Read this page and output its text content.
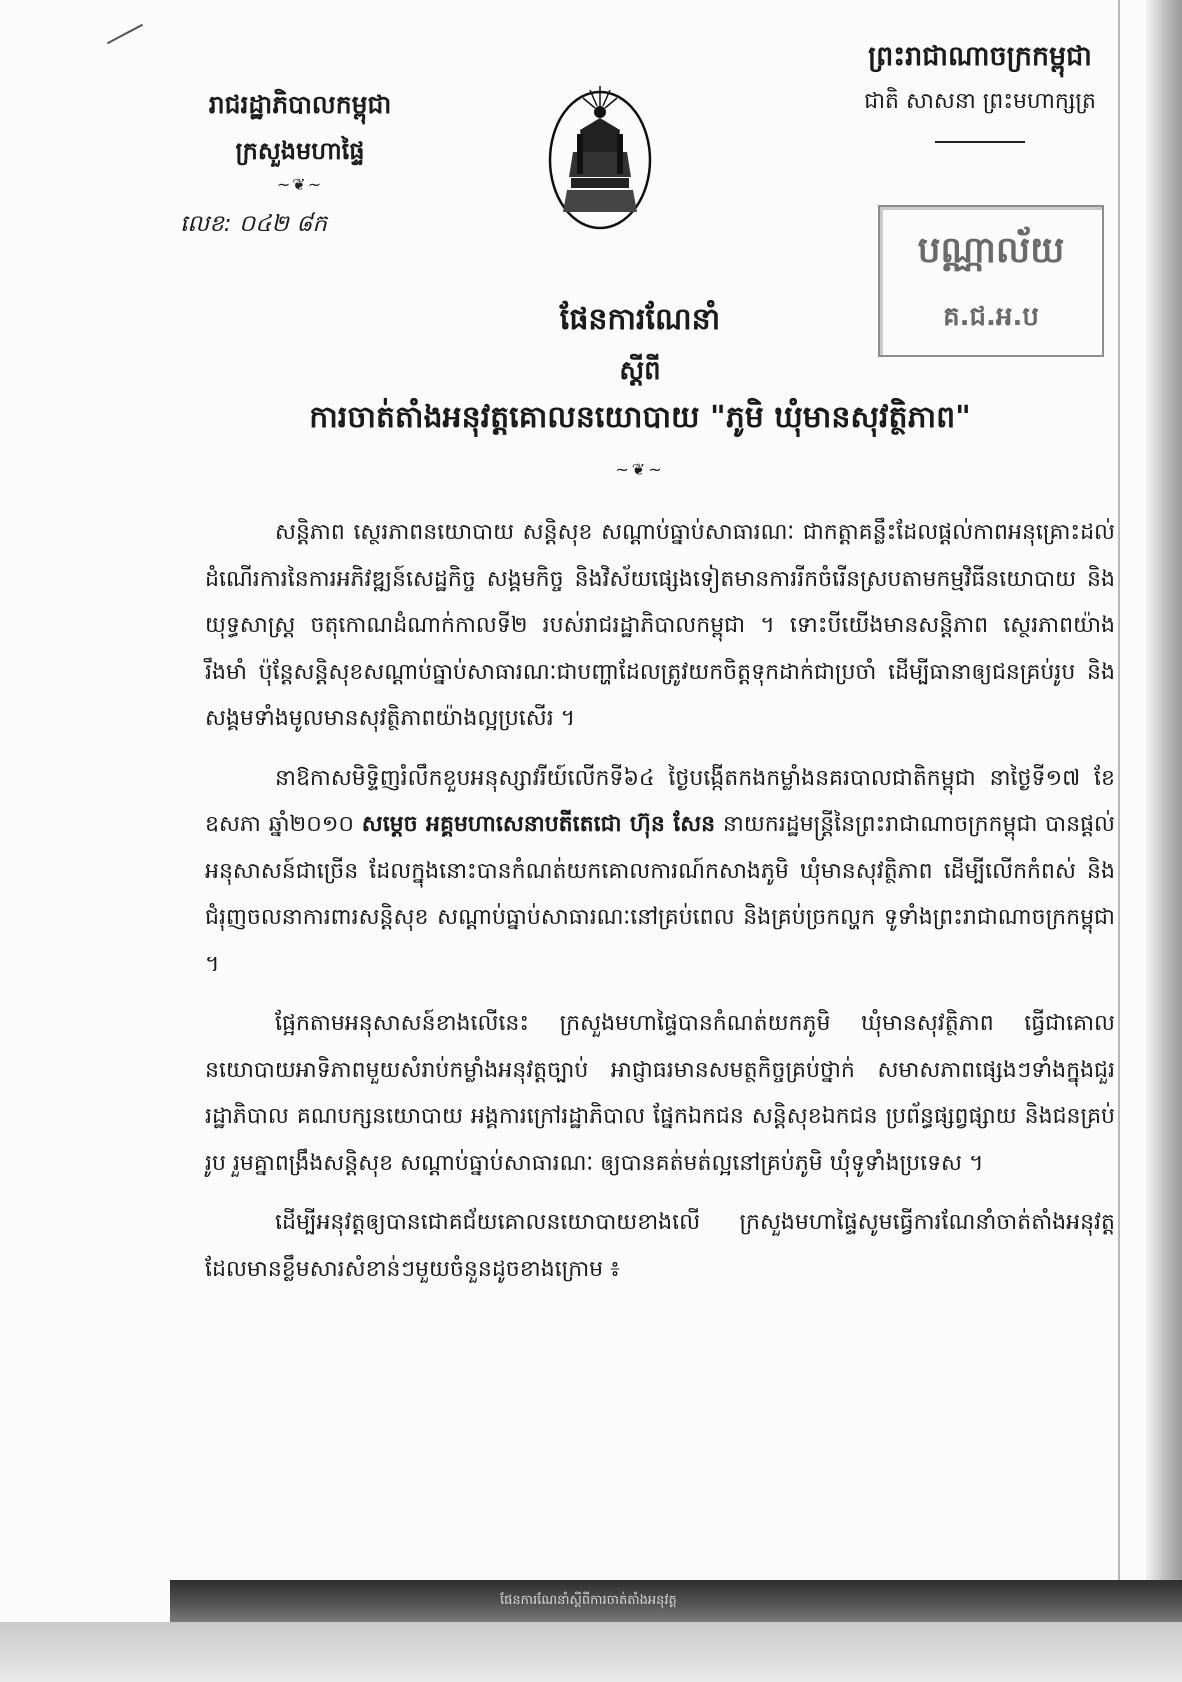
រាជរដ្ឋាភិបាលកម្ពុជា
ក្រសួងមហាផ្ទៃ
~❦~
លេខ: ០៤២ ៨ក
ព្រះរាជាណាចក្រកម្ពុជា
ជាតិ សាសនា ព្រះមហាក្សត្រ
បណ្ណាល័យ
គ.ជ.អ.ប
ផែនការណែនាំ
ស្តីពី
ការចាត់តាំងអនុវត្តគោលនយោបាយ "ភូមិ ឃុំមានសុវត្ថិភាព"
~❦~

សន្តិភាព ស្ថេរភាពនយោបាយ សន្តិសុខ សណ្តាប់ធ្នាប់សាធារណៈ ជាកត្តាគន្លឹះដែលផ្តល់កាពអនុគ្រោះដល់ដំណើរការនៃការអភិវឌ្ឍន៍សេដ្ឋកិច្ច សង្គមកិច្ច និងវិស័យផ្សេងទៀតមានការរីកចំរើនស្របតាមកម្មវិធីនយោបាយ និងយុទ្ធសាស្ត្រ ចតុកោណដំណាក់កាលទី២ របស់រាជរដ្ឋាភិបាលកម្ពុជា ។ ទោះបីយើងមានសន្តិភាព ស្ថេរភាពយ៉ាងរឹងមាំ ប៉ុន្តែសន្តិសុខសណ្តាប់ធ្នាប់សាធារណៈជាបញ្ហាដែលត្រូវយកចិត្តទុកដាក់ជាប្រចាំ ដើម្បីធានាឲ្យជនគ្រប់រូប និងសង្គមទាំងមូលមានសុវត្ថិភាពយ៉ាងល្អប្រសើរ ។

នាឱកាសមិទ្ទិញរំលឹកខួបអនុស្សាវរីយ៍លើកទី៦៤ ថ្ងៃបង្កើតកងកម្លាំងនគរបាលជាតិកម្ពុជា នាថ្ងៃទី១៧ ខែឧសភា ឆ្នាំ២០១០ សម្តេច អគ្គមហាសេនាបតីតេជោ ហ៊ុន សែន នាយករដ្ឋមន្ត្រីនៃព្រះរាជាណាចក្រកម្ពុជា បានផ្តល់អនុសាសន៍ជាច្រើន ដែលក្នុងនោះបានកំណត់យកគោលការណ៍កសាងភូមិ ឃុំមានសុវត្ថិភាព ដើម្បីលើកកំពស់ និងជំរុញចលនាការពារសន្តិសុខ សណ្តាប់ធ្នាប់សាធារណៈនៅគ្រប់ពេល និងគ្រប់ច្រកល្ហក ទូទាំងព្រះរាជាណាចក្រកម្ពុជា ។

ផ្អែកតាមអនុសាសន៍ខាងលើនេះ ក្រសួងមហាផ្ទៃបានកំណត់យកភូមិ ឃុំមានសុវត្ថិភាព ធ្វើជាគោលនយោបាយអាទិភាពមួយសំរាប់កម្លាំងអនុវត្តច្បាប់ អាជ្ញាធរមានសមត្ថកិច្ចគ្រប់ថ្នាក់ សមាសភាពផ្សេងៗទាំងក្នុងជួររដ្ឋាភិបាល គណបក្សនយោបាយ អង្គការក្រៅរដ្ឋាភិបាល ផ្នែកឯកជន សន្តិសុខឯកជន ប្រព័ន្ធផ្សព្វផ្សាយ និងជនគ្រប់រូប រួមគ្នាពង្រឹងសន្តិសុខ សណ្តាប់ធ្នាប់សាធារណៈ ឲ្យបានគត់មត់ល្អនៅគ្រប់ភូមិ ឃុំទូទាំងប្រទេស ។

ដើម្បីអនុវត្តឲ្យបានជោគជ័យគោលនយោបាយខាងលើ ក្រសួងមហាផ្ទៃសូមធ្វើការណែនាំចាត់តាំងអនុវត្ត ដែលមានខ្លឹមសារសំខាន់ៗមួយចំនួនដូចខាងក្រោម ៖

ផែនការណែនាំស្តីពីការចាត់តាំងអនុវត្ត
